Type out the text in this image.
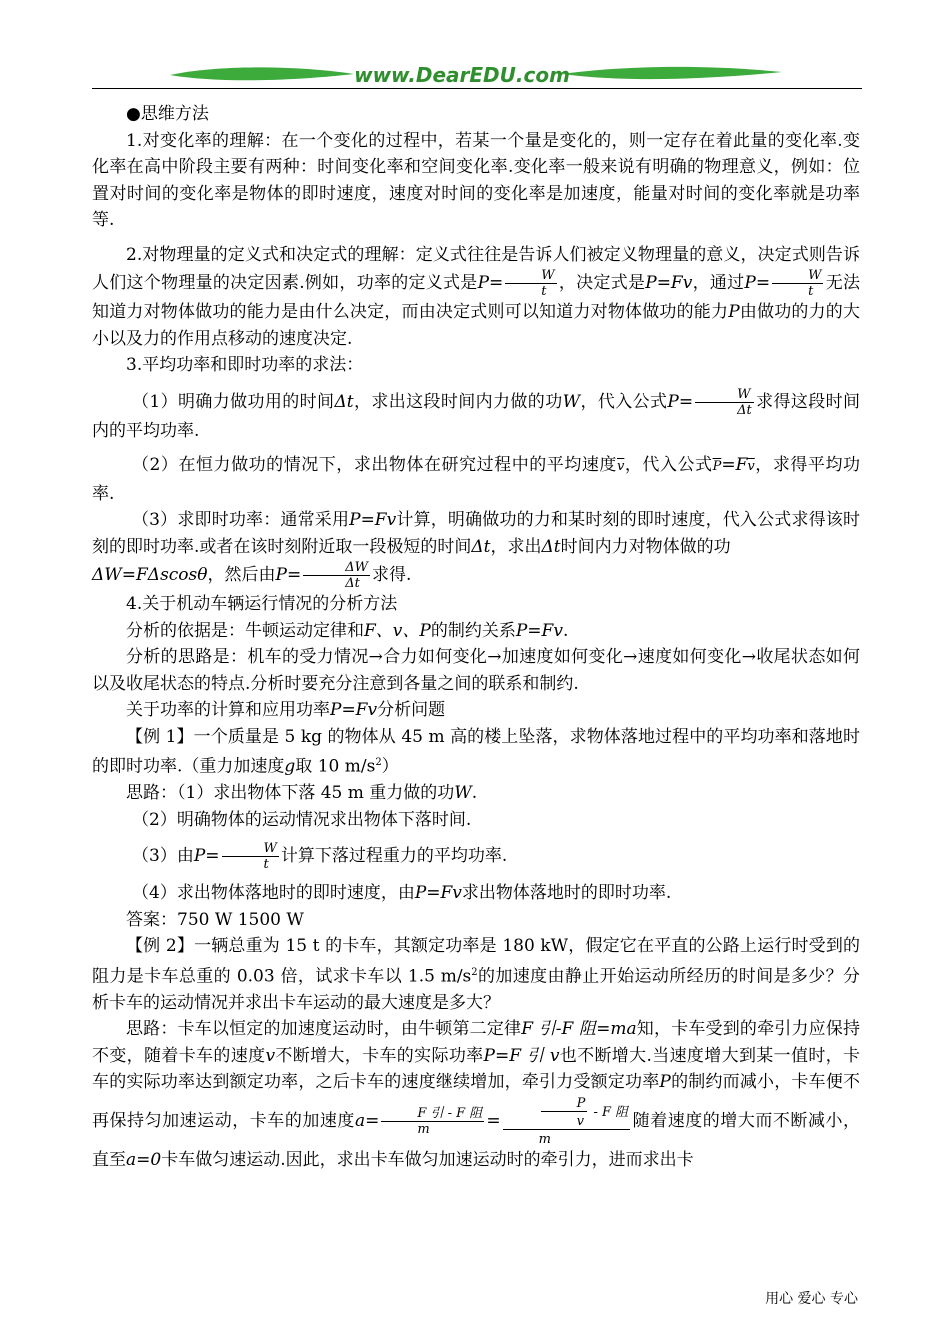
www.DearEDU.com

●思维方法

1.对变化率的理解：在一个变化的过程中，若某一个量是变化的，则一定存在着此量的变化率.变化率在高中阶段主要有两种：时间变化率和空间变化率.变化率一般来说有明确的物理意义，例如：位置对时间的变化率是物体的即时速度，速度对时间的变化率是加速度，能量对时间的变化率就是功率等.

2.对物理量的定义式和决定式的理解：定义式往往是告诉人们被定义物理量的意义，决定式则告诉人们这个物理量的决定因素.例如，功率的定义式是$P= \frac{W}{t}$ ，决定式是P=Fv，通过$P= \frac{W}{t}$ 无法知道力对物体做功的能力是由什么决定，而由决定式则可以知道力对物体做功的能力P由做功的力的大小以及力的作用点移动的速度决定.

3.平均功率和即时功率的求法：

（1）明确力做功用的时间Δt，求出这段时间内力做的功W，代入公式$P= \frac{W}{\Delta t}$ 求得这段时间内的平均功率.

（2）在恒力做功的情况下，求出物体在研究过程中的平均速度$\overline{v}$，代入公式$\overline{P}=F\overline{v}$，求得平均功率.

（3）求即时功率：通常采用P=Fv计算，明确做功的力和某时刻的即时速度，代入公式求得该时刻的即时功率.或者在该时刻附近取一段极短的时间Δt，求出Δt时间内力对物体做的功
ΔW=FΔscosθ，然后由$P= \frac{\Delta W}{\Delta t}$ 求得.

4.关于机动车辆运行情况的分析方法

分析的依据是：牛顿运动定律和F、v、P的制约关系P=Fv.

分析的思路是：机车的受力情况→合力如何变化→加速度如何变化→速度如何变化→收尾状态如何以及收尾状态的特点.分析时要充分注意到各量之间的联系和制约.

关于功率的计算和应用功率P=Fv分析问题

【例 1】一个质量是 5 kg 的物体从 45 m 高的楼上坠落，求物体落地过程中的平均功率和落地时的即时功率.（重力加速度g取 10 $m/s^2$）

思路：（1）求出物体下落 45 m 重力做的功W.

（2）明确物体的运动情况求出物体下落时间.

（3）由$P= \frac{W}{t}$ 计算下落过程重力的平均功率.

（4）求出物体落地时的即时速度，由P=Fv求出物体落地时的即时功率.

答案：750 W 1500 W

【例 2】一辆总重为 15 t 的卡车，其额定功率是 180 kW，假定它在平直的公路上运行时受到的阻力是卡车总重的 0.03 倍，试求卡车以 1.5 $m/s^2$的加速度由静止开始运动所经历的时间是多少？分析卡车的运动情况并求出卡车运动的最大速度是多大？

思路：卡车以恒定的加速度运动时，由牛顿第二定律F 引-F 阻=ma知，卡车受到的牵引力应保持不变，随着卡车的速度v不断增大，卡车的实际功率P=F 引 v也不断增大.当速度增大到某一值时，卡车的实际功率达到额定功率，之后卡车的速度继续增加，牵引力受额定功率P的制约而减小，卡车便不再保持匀加速运动，卡车的加速度$a= \frac{\text{F 引 - F 阻}}{m} = \frac{\frac{P}{v} - F 阻}{m}$ 随着速度的增大而不断减小，直至a=0卡车做匀速运动.因此，求出卡车做匀加速运动时的牵引力，进而求出卡

用心 爱心 专心
